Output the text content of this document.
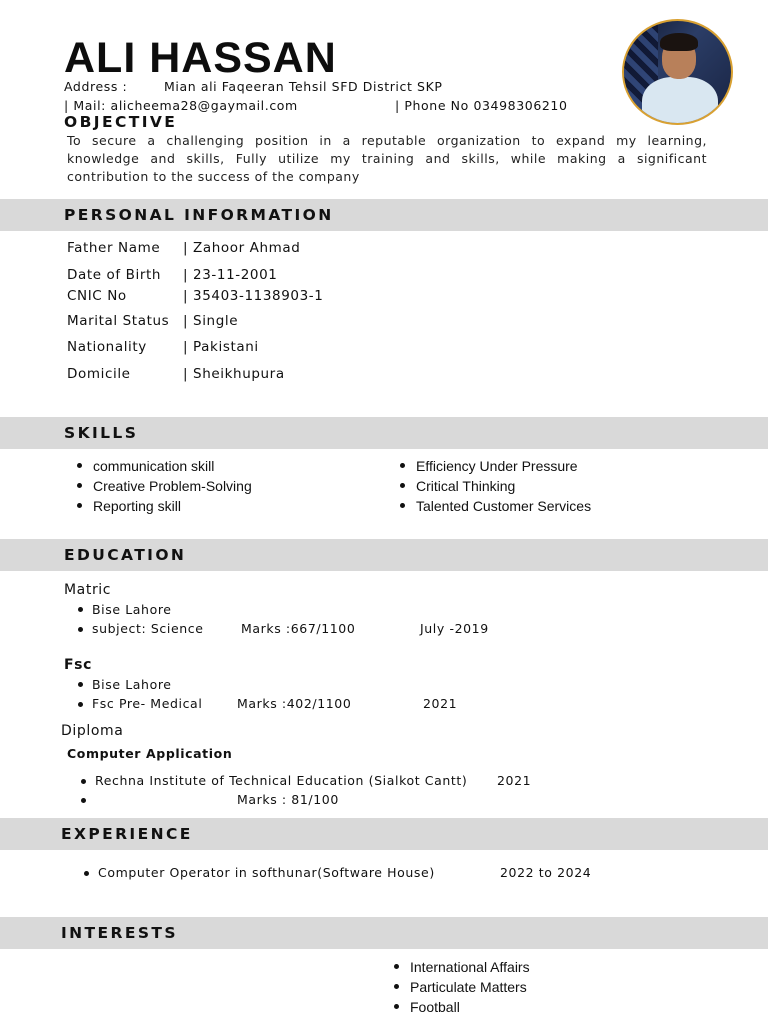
ALI HASSAN
Address :	Mian ali Faqeeran Tehsil SFD District SKP
| Mail: alicheema28@gaymail.com	| Phone No 03498306210
OBJECTIVE
To secure a challenging position in a reputable organization to expand my learning, knowledge and skills, Fully utilize my training and skills, while making a significant contribution to the success of the company
PERSONAL INFORMATION
Father Name | Zahoor Ahmad
Date of Birth | 23-11-2001
CNIC No	| 35403-1138903-1
Marital Status | Single
Nationality	| Pakistani
Domicile	| Sheikhupura
SKILLS
communication skill
Creative Problem-Solving
Reporting skill
Efficiency Under Pressure
Critical Thinking
Talented Customer Services
EDUCATION
Matric
Bise Lahore
subject: Science	Marks :667/1100	July -2019
Fsc
Bise Lahore
Fsc Pre- Medical	Marks :402/1100	2021
Diploma
Computer Application
Rechna Institute of Technical Education (Sialkot Cantt) 2021
Marks : 81/100
EXPERIENCE
Computer Operator in softhunar(Software House)	2022 to 2024
INTERESTS
International Affairs
Particulate Matters
Football
